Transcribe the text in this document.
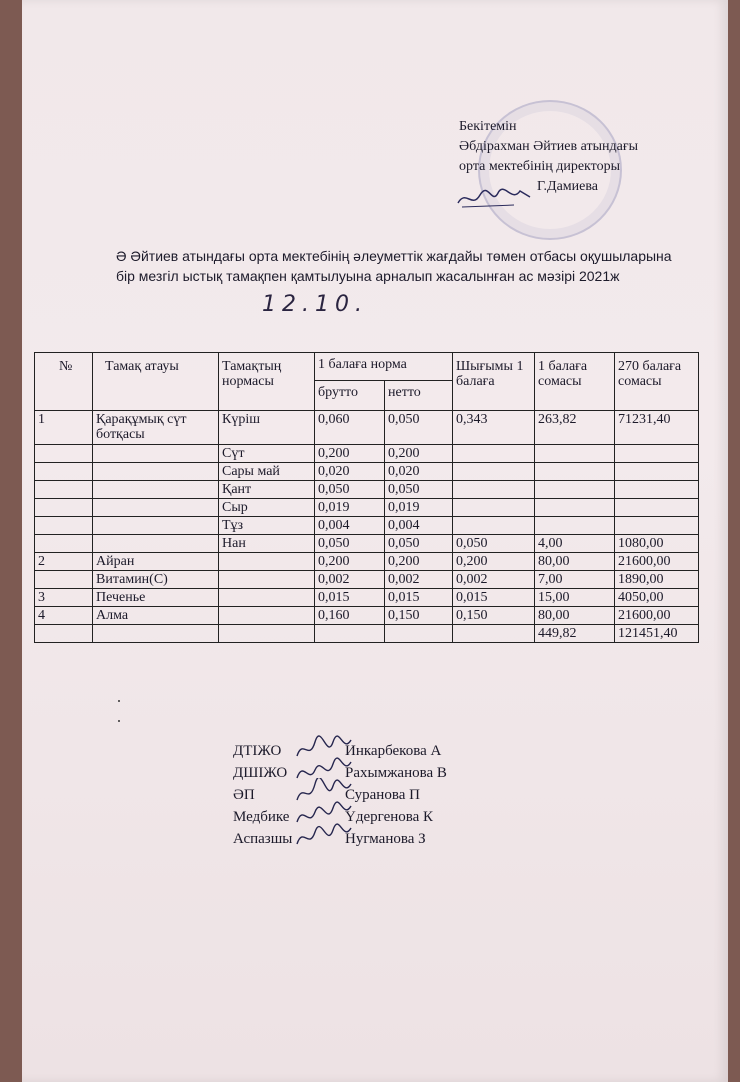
Бекітемін
Әбдірахман Әйтиев атындағы
орта мектебінің директоры
Г.Дамиева
Ә Әйтиев атындағы орта мектебінің әлеуметтік жағдайы төмен отбасы оқушыларына бір мезгіл ыстық тамақпен қамтылуына арналып жасалынған ас мәзірі 2021ж
12.10.
№	Тамақ атауы	Тамақтың нормасы	1 балаға норма		Шығымы 1 балаға	1 балаға сомасы	270 балаға сомасы
			брутто	нетто			
1	Қарақұмық сүт ботқасы	Күріш	0,060	0,050	0,343	263,82	71231,40
		Сүт	0,200	0,200			
		Сары май	0,020	0,020			
		Қант	0,050	0,050			
		Сыр	0,019	0,019			
		Тұз	0,004	0,004			
		Нан	0,050	0,050	0,050	4,00	1080,00
2	Айран		0,200	0,200	0,200	80,00	21600,00
	Витамин(С)		0,002	0,002	0,002	7,00	1890,00
3	Печенье		0,015	0,015	0,015	15,00	4050,00
4	Алма		0,160	0,150	0,150	80,00	21600,00
						449,82	121451,40
ДТІЖО	Инкарбекова А
ДШІЖО	Рахымжанова В
ӘП	Суранова П
Медбике	Үдергенова К
Аспазшы	Нугманова З
